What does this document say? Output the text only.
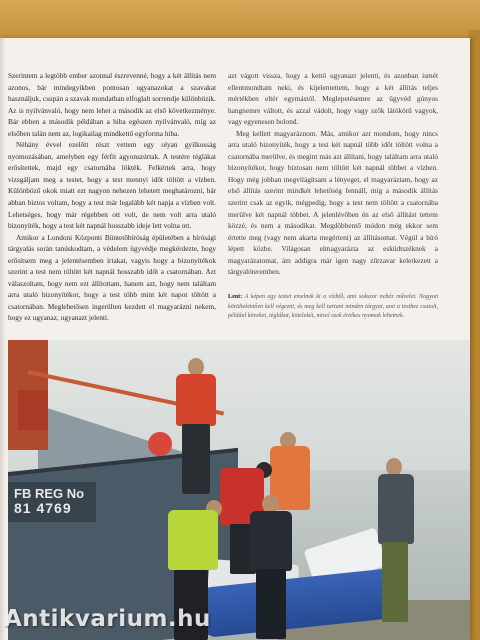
Szerintem a legtöbb ember azonnal észrevenné, hogy a két állítás nem azonos, bár mindegyikben pontosan ugyanazokat a szavakat használjuk, csupán a szavak mondatban elfoglalt sorrendje különbözik. Az is nyilvánvaló, hogy nem lehet a második az első következménye. Bár ebben a második példában a hiba egészen nyilvánvaló, míg az elsőben talán nem az, logikailag mindkettő egyforma hiba.

Néhány évvel ezelőtt részt vettem egy olyan gyilkosság nyomozásában, amelyben egy férfit agyonszúrtak. A testére téglákat erősítettek, majd egy csatornába lökték. Felkértek arra, hogy vizsgáljam meg a testet, hogy a test mennyi időt töltött a vízben. Különböző okok miatt ezt nagyon nehezen lehetett meghatározni, bár abban biztos voltam, hogy a test már legalább két napja a vízben volt. Lehetséges, hogy már régebben ott volt, de nem volt arra utaló bizonyíték, hogy a test két napnál hosszabb ideje lett volna ott.

Amikor a Londoni Központi Büntetőbíróság épületében a bírósági tárgyalás során tanúskodtam, a védelem ügyvédje megkérdezte, hogy erősítsem meg a jelentésemben írtakat, vagyis hogy a bizonyítékok szerint a test nem töltött két napnál hosszabb időt a csatornában. Azt válaszoltam, hogy nem ezt állítottam, hanem azt, hogy nem találtam arra utaló bizonyítékot, hogy a test több mint két napot töltött a csatornában. Meglehetősen ingerülten kezdett el magyarázni nekem, hogy ez ugyanaz, ugyanazt jelenti.

azt vágott vissza, hogy a kettő ugyanazt jelenti, és azonban ismét ellentmondtam neki, és kijelentettem, hogy a két állítás teljes mértékben eltér egymástól. Meglepetésemre az ügyvéd gúnyos hangnemre váltott, és azzal vádolt, hogy vagy szők látókörű vagyok, vagy egyenesen bolond.

Meg kellett magyaráznom. Más, amikor azt mondom, hogy nincs arra utaló bizonyíték, hogy a test két napnál több időt töltött volna a csatornába merülve, és megint más azt állítani, hogy találtam arra utaló bizonyítékot, hogy biztosan nem töltött két napnál többet a vízben. Hogy még jobban megvilágítsam a lényeget, el magyaráztam, hogy az első állítás szerint mindkét lehetőség fennáll, míg a második állítás szerint csak az egyik, mégpedig, hogy a test nem töltött a csatornába merülve két napnál többet. A jelenlévőben én az első állítást tettem közzé, és nem a másodikat. Megdöbbentő módon még ekkor sem értette meg (vagy nem akarta megérteni) az állításomat. Végül a bíró lépett közbe. Világosan elmagyarázta az esküdtszéknek a magyarázatomat, ám addigra már igen nagy zűrzavar keletkezett a tárgyalóteremben.

Lent: A képen egy testet emelnek ki a vízből, ami sokszor nehéz művelet. Nagyon körültekintően kell végezni, és meg kell tartani minden tárgyat, ami a testhez csatolt, például köveket, téglákat, kötelekét, mivel ezek értékes nyomok lehetnek.
FB REG No
81 4769
Antikvarium.hu
